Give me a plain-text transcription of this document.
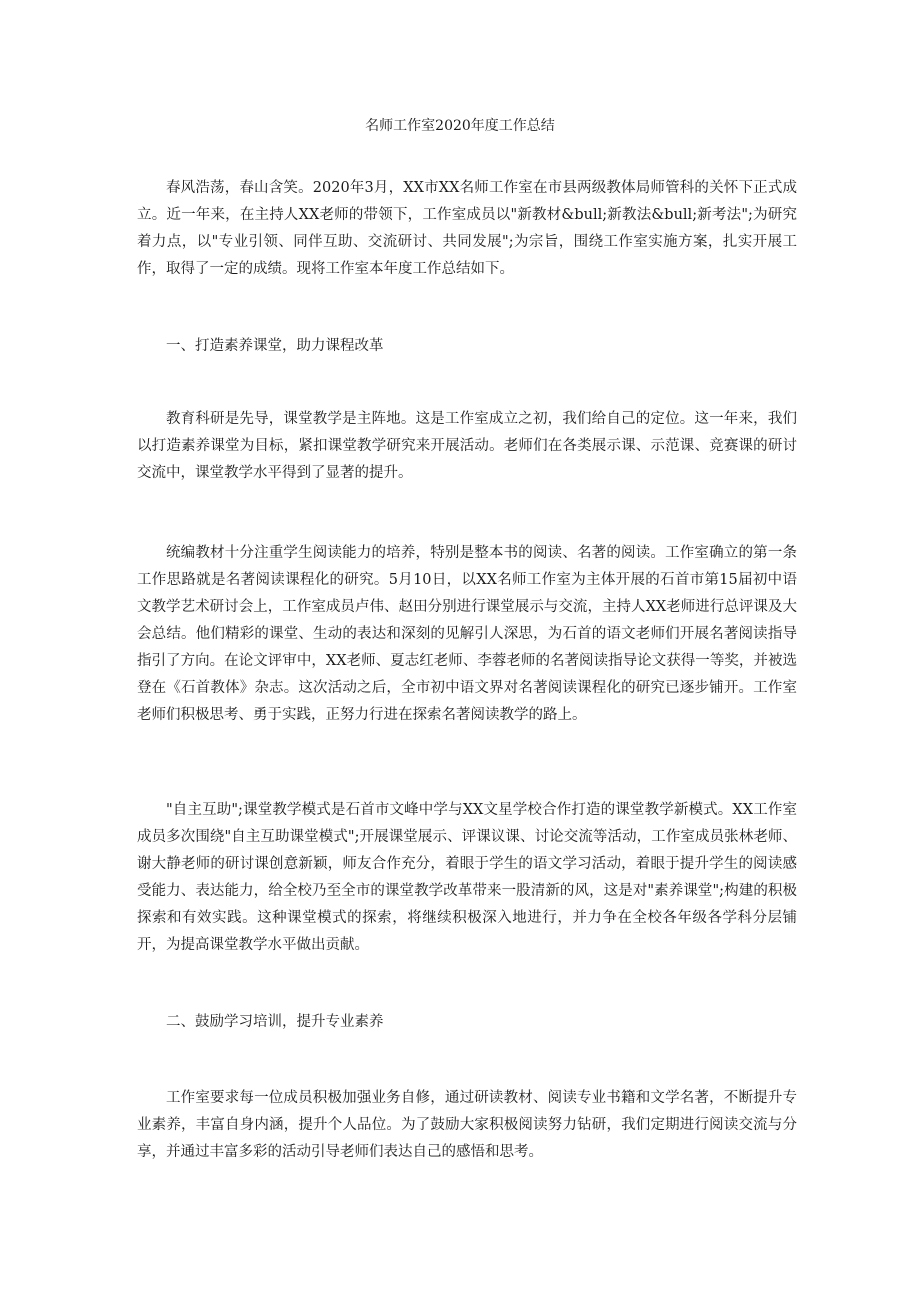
名师工作室2020年度工作总结
春风浩荡，春山含笑。2020年3月，XX市XX名师工作室在市县两级教体局师管科的关怀下正式成立。近一年来，在主持人XX老师的带领下，工作室成员以"新教材&bull;新教法&bull;新考法";为研究着力点，以"专业引领、同伴互助、交流研讨、共同发展";为宗旨，围绕工作室实施方案，扎实开展工作，取得了一定的成绩。现将工作室本年度工作总结如下。
一、打造素养课堂，助力课程改革
教育科研是先导，课堂教学是主阵地。这是工作室成立之初，我们给自己的定位。这一年来，我们以打造素养课堂为目标，紧扣课堂教学研究来开展活动。老师们在各类展示课、示范课、竞赛课的研讨交流中，课堂教学水平得到了显著的提升。
统编教材十分注重学生阅读能力的培养，特别是整本书的阅读、名著的阅读。工作室确立的第一条工作思路就是名著阅读课程化的研究。5月10日，以XX名师工作室为主体开展的石首市第15届初中语文教学艺术研讨会上，工作室成员卢伟、赵田分别进行课堂展示与交流，主持人XX老师进行总评课及大会总结。他们精彩的课堂、生动的表达和深刻的见解引人深思，为石首的语文老师们开展名著阅读指导指引了方向。在论文评审中，XX老师、夏志红老师、李蓉老师的名著阅读指导论文获得一等奖，并被选登在《石首教体》杂志。这次活动之后，全市初中语文界对名著阅读课程化的研究已逐步铺开。工作室老师们积极思考、勇于实践，正努力行进在探索名著阅读教学的路上。
"自主互助";课堂教学模式是石首市文峰中学与XX文星学校合作打造的课堂教学新模式。XX工作室成员多次围绕"自主互助课堂模式";开展课堂展示、评课议课、讨论交流等活动，工作室成员张林老师、谢大静老师的研讨课创意新颖，师友合作充分，着眼于学生的语文学习活动，着眼于提升学生的阅读感受能力、表达能力，给全校乃至全市的课堂教学改革带来一股清新的风，这是对"素养课堂";构建的积极探索和有效实践。这种课堂模式的探索，将继续积极深入地进行，并力争在全校各年级各学科分层铺开，为提高课堂教学水平做出贡献。
二、鼓励学习培训，提升专业素养
工作室要求每一位成员积极加强业务自修，通过研读教材、阅读专业书籍和文学名著，不断提升专业素养，丰富自身内涵，提升个人品位。为了鼓励大家积极阅读努力钻研，我们定期进行阅读交流与分享，并通过丰富多彩的活动引导老师们表达自己的感悟和思考。
